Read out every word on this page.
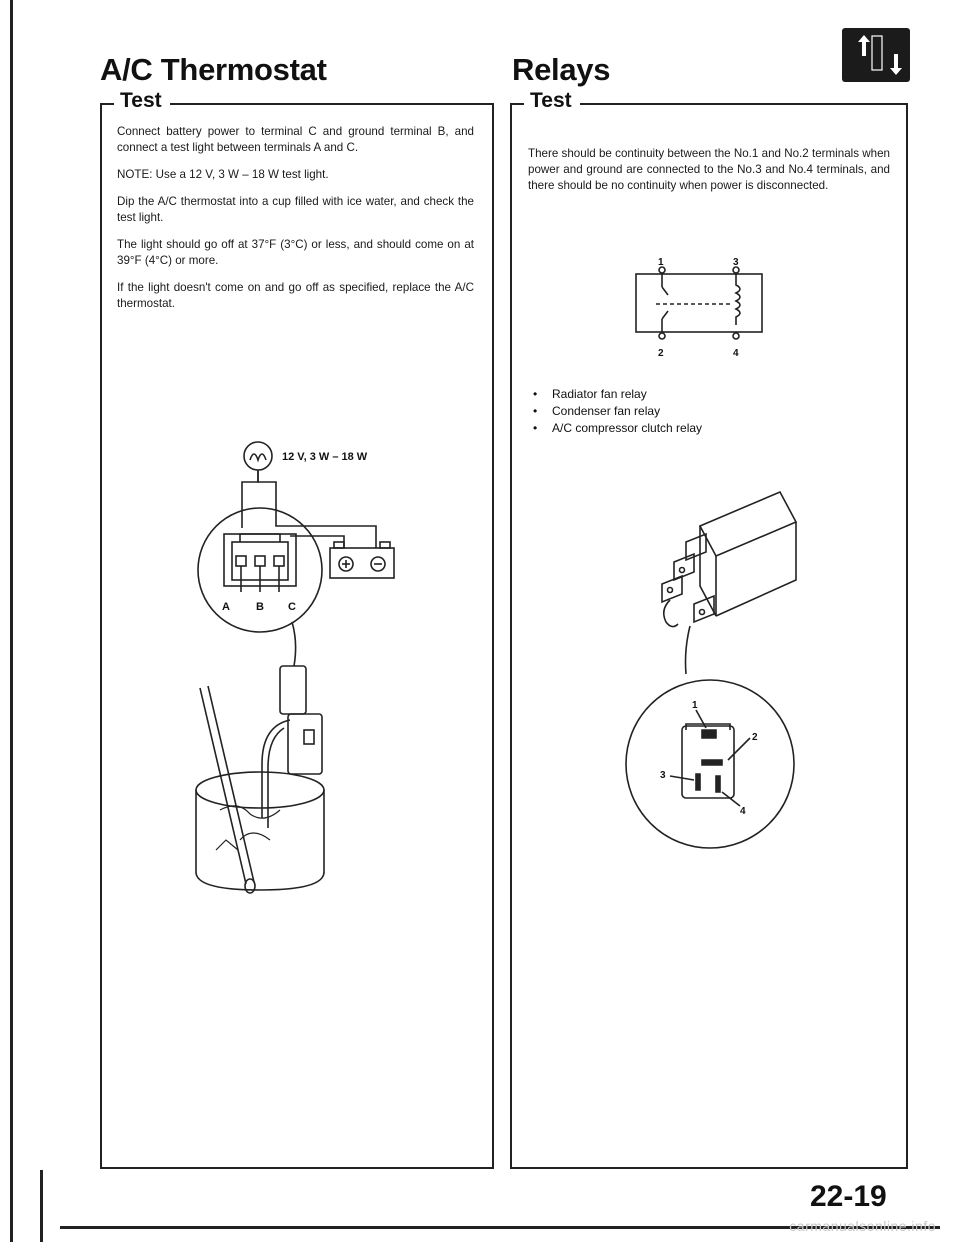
A/C Thermostat
Test

Connect battery power to terminal C and ground terminal B, and connect a test light between terminals A and C.

NOTE: Use a 12 V, 3 W – 18 W test light.

Dip the A/C thermostat into a cup filled with ice water, and check the test light.

The light should go off at 37°F (3°C) or less, and should come on at 39°F (4°C) or more.

If the light doesn't come on and go off as specified, replace the A/C thermostat.

12 V, 3 W – 18 W
A B C
Relays
Test

There should be continuity between the No.1 and No.2 terminals when power and ground are connected to the No.3 and No.4 terminals, and there should be no continuity when power is disconnected.

1	3
2	4
• Radiator fan relay
• Condenser fan relay
• A/C compressor clutch relay
1
2
3
4
22-19
carmanualsonline.info
